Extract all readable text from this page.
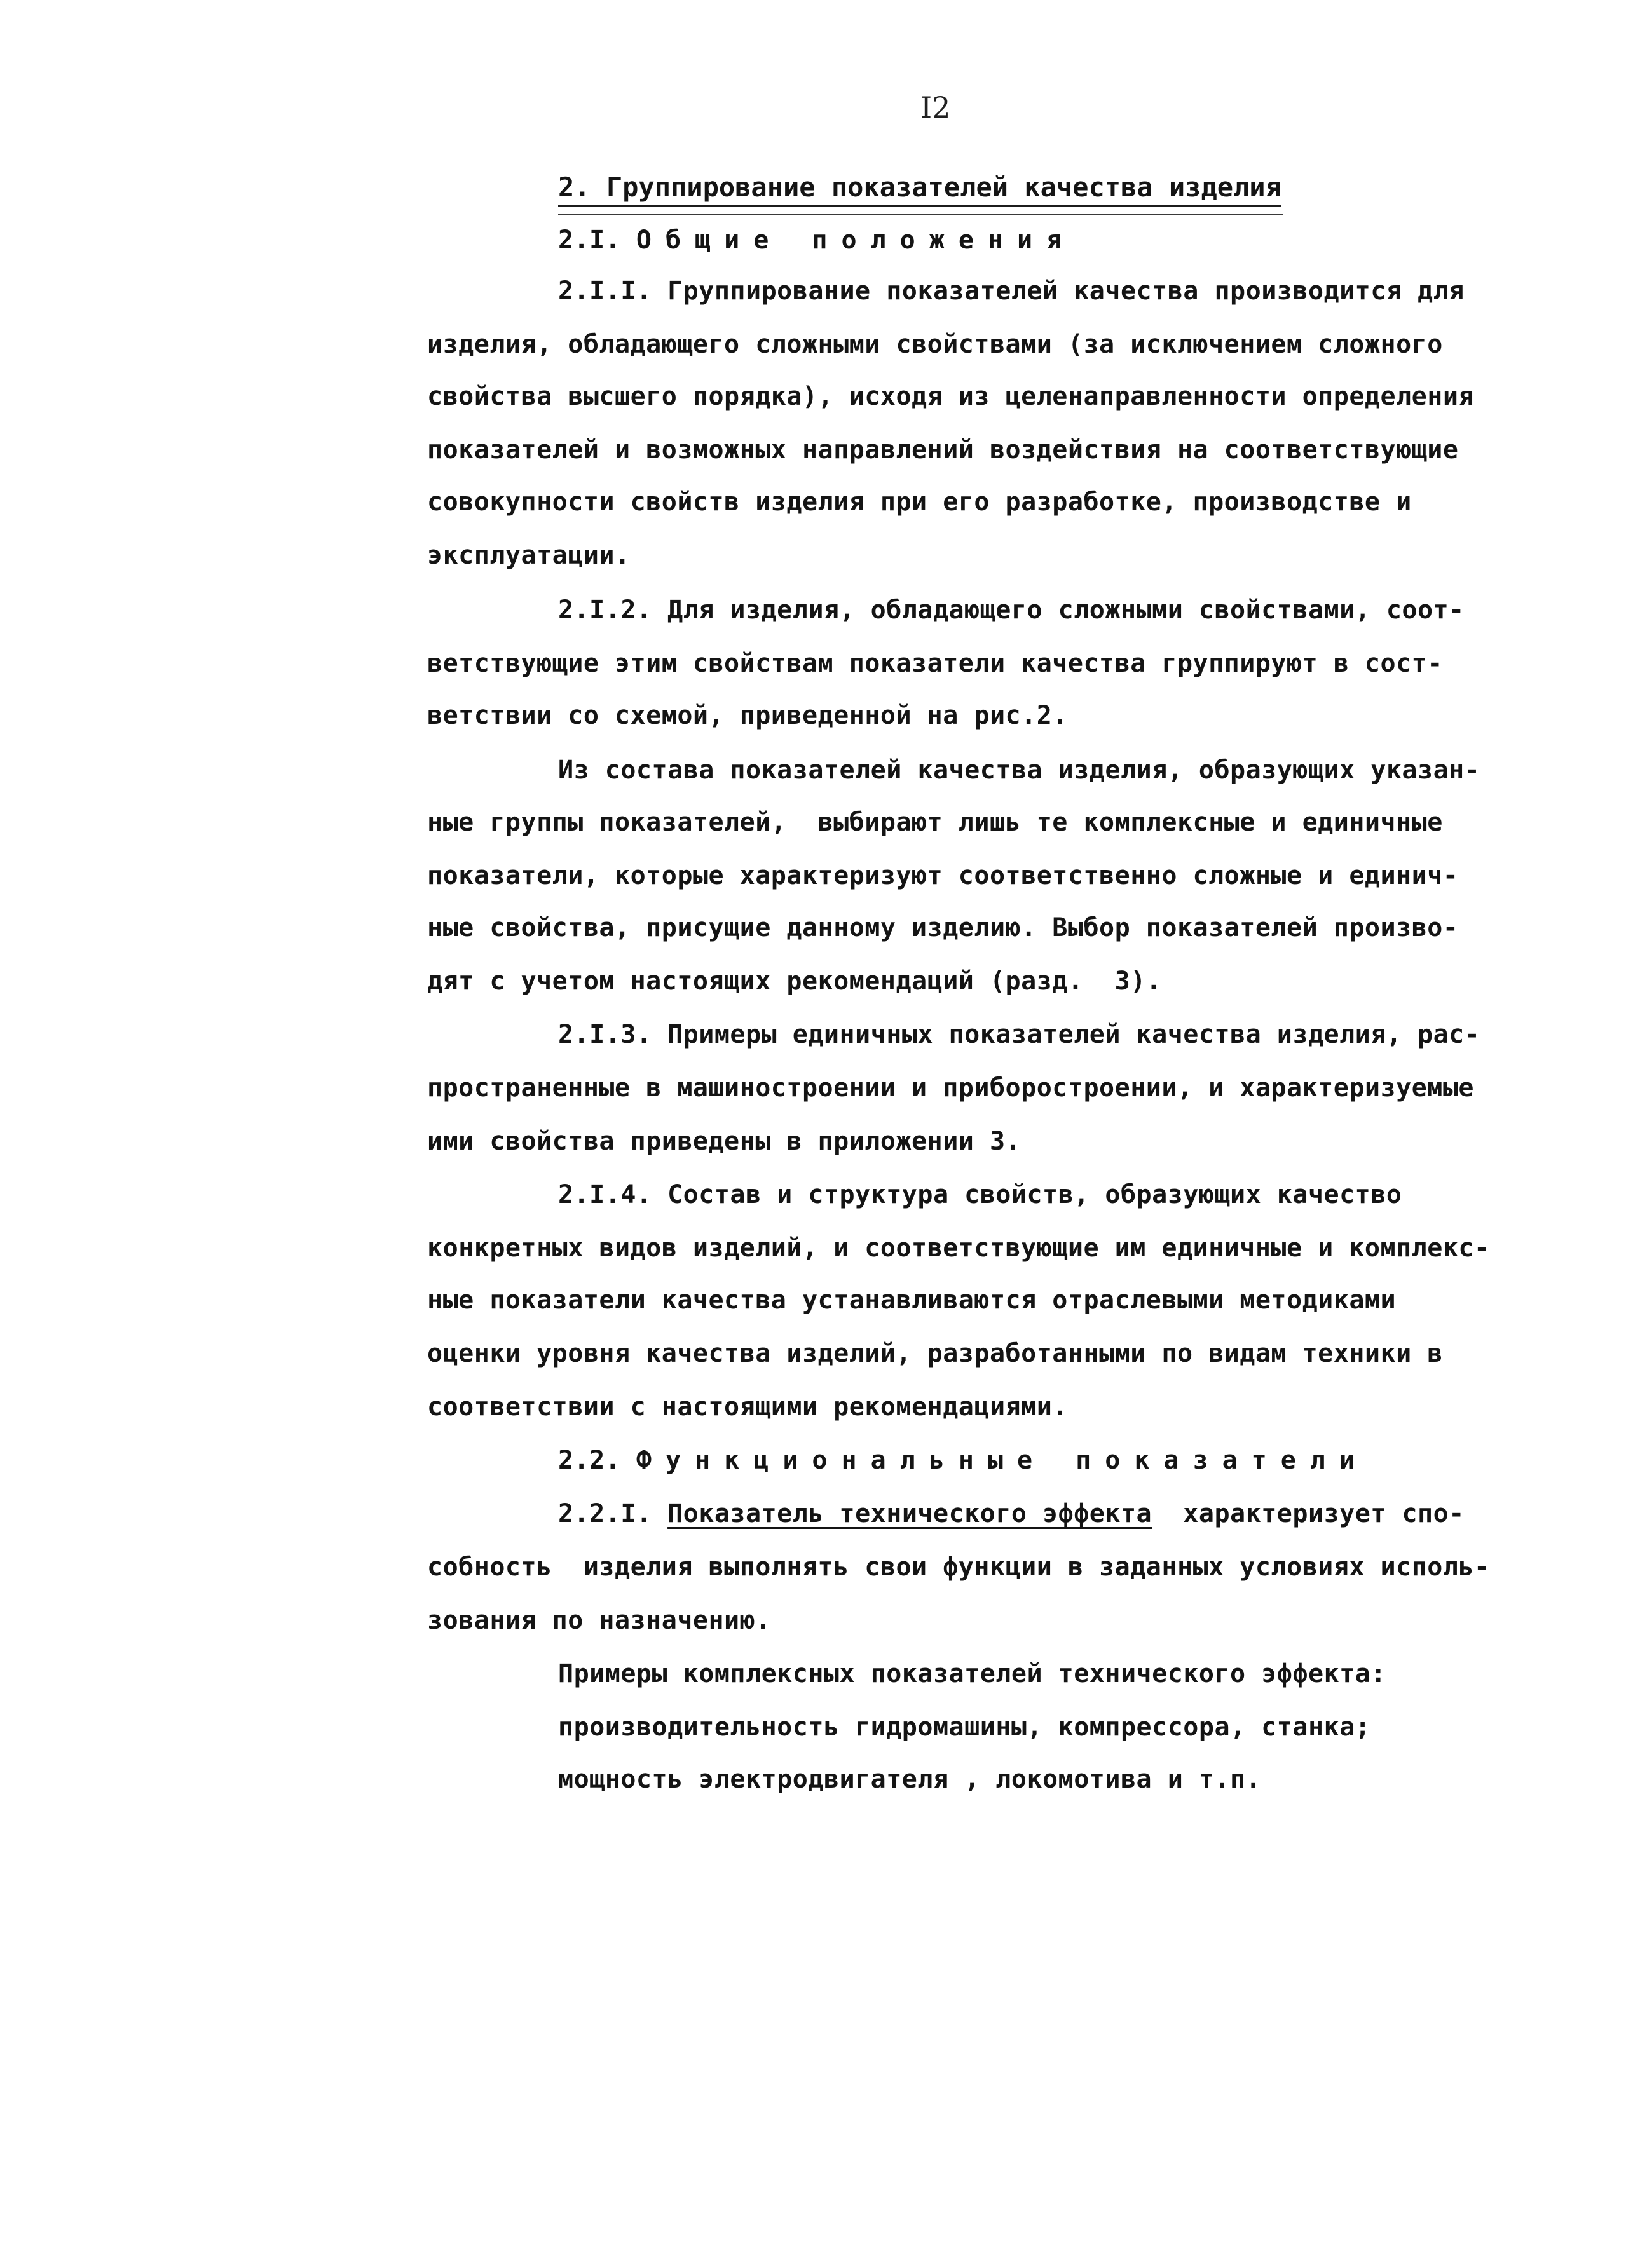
I2
2. Группирование показателей качества изделия
2.I. Общие положения
2.I.I. Группирование показателей качества производится для
изделия, обладающего сложными свойствами (за исключением сложного
свойства высшего порядка), исходя из целенаправленности определения
показателей и возможных направлений воздействия на соответствующие
совокупности свойств изделия при его разработке, производстве и
эксплуатации.
2.I.2. Для изделия, обладающего сложными свойствами, соот-
ветствующие этим свойствам показатели качества группируют в сост-
ветствии со схемой, приведенной на рис.2.
Из состава показателей качества изделия, образующих указан-
ные группы показателей,  выбирают лишь те комплексные и единичные
показатели, которые характеризуют соответственно сложные и единич-
ные свойства, присущие данному изделию. Выбор показателей произво-
дят с учетом настоящих рекомендаций (разд.  3).
2.I.3. Примеры единичных показателей качества изделия, рас-
пространенные в машиностроении и приборостроении, и характеризуемые
ими свойства приведены в приложении 3.
2.I.4. Состав и структура свойств, образующих качество
конкретных видов изделий, и соответствующие им единичные и комплекс-
ные показатели качества устанавливаются отраслевыми методиками
оценки уровня качества изделий, разработанными по видам техники в
соответствии с настоящими рекомендациями.
2.2. Функциональные показатели
2.2.I. Показатель технического эффекта  характеризует спо-
собность  изделия выполнять свои функции в заданных условиях исполь-
зования по назначению.
Примеры комплексных показателей технического эффекта:
производительность гидромашины, компрессора, станка;
мощность электродвигателя , локомотива и т.п.
